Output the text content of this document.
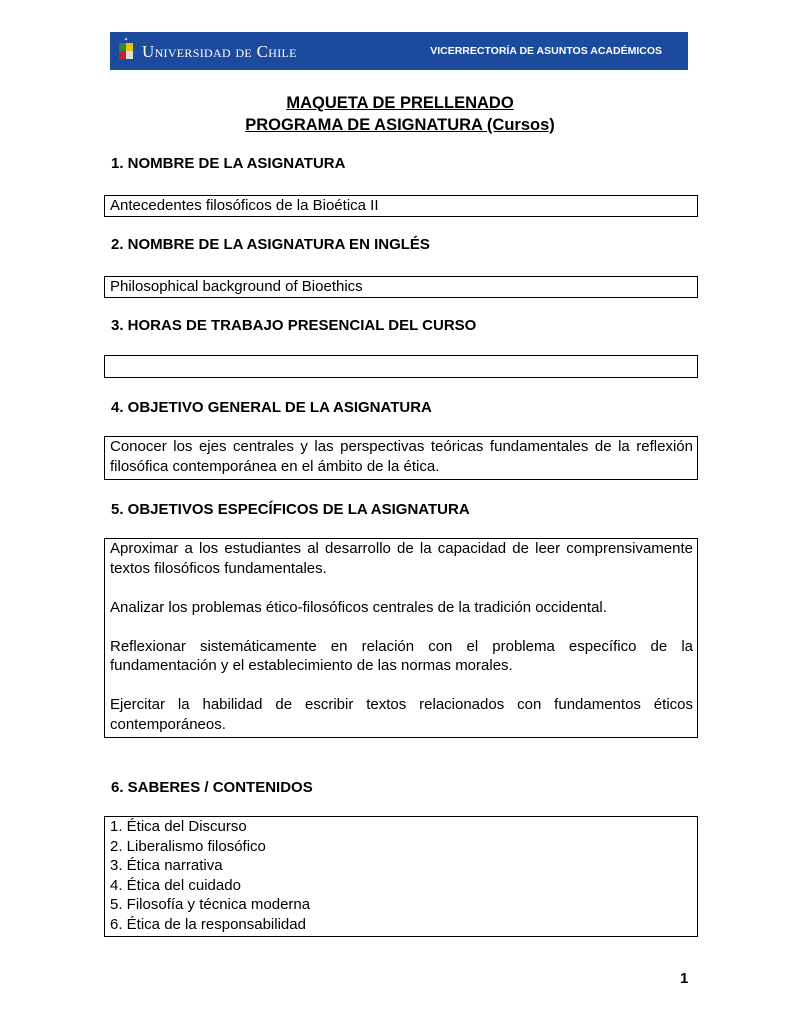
Universidad de Chile	VICERRECTORÍA DE ASUNTOS ACADÉMICOS
MAQUETA DE PRELLENADO
PROGRAMA DE ASIGNATURA (Cursos)
1. NOMBRE DE LA ASIGNATURA
Antecedentes filosóficos de la Bioética II
2. NOMBRE DE LA ASIGNATURA EN INGLÉS
Philosophical background of Bioethics
3. HORAS DE TRABAJO PRESENCIAL DEL CURSO
4. OBJETIVO GENERAL DE LA ASIGNATURA
Conocer los ejes centrales y las perspectivas teóricas fundamentales de la reflexión filosófica contemporánea en el ámbito de la ética.
5. OBJETIVOS ESPECÍFICOS DE LA ASIGNATURA

Aproximar a los estudiantes al desarrollo de la capacidad de leer comprensivamente textos filosóficos fundamentales.

Analizar los problemas ético-filosóficos centrales de la tradición occidental.

Reflexionar sistemáticamente en relación con el problema específico de la fundamentación y el establecimiento de las normas morales.

Ejercitar la habilidad de escribir textos relacionados con fundamentos éticos contemporáneos.

6. SABERES / CONTENIDOS
1. Ética del Discurso
2. Liberalismo filosófico
3. Ética narrativa
4. Ética del cuidado
5. Filosofía y técnica moderna
6. Ética de la responsabilidad
1
